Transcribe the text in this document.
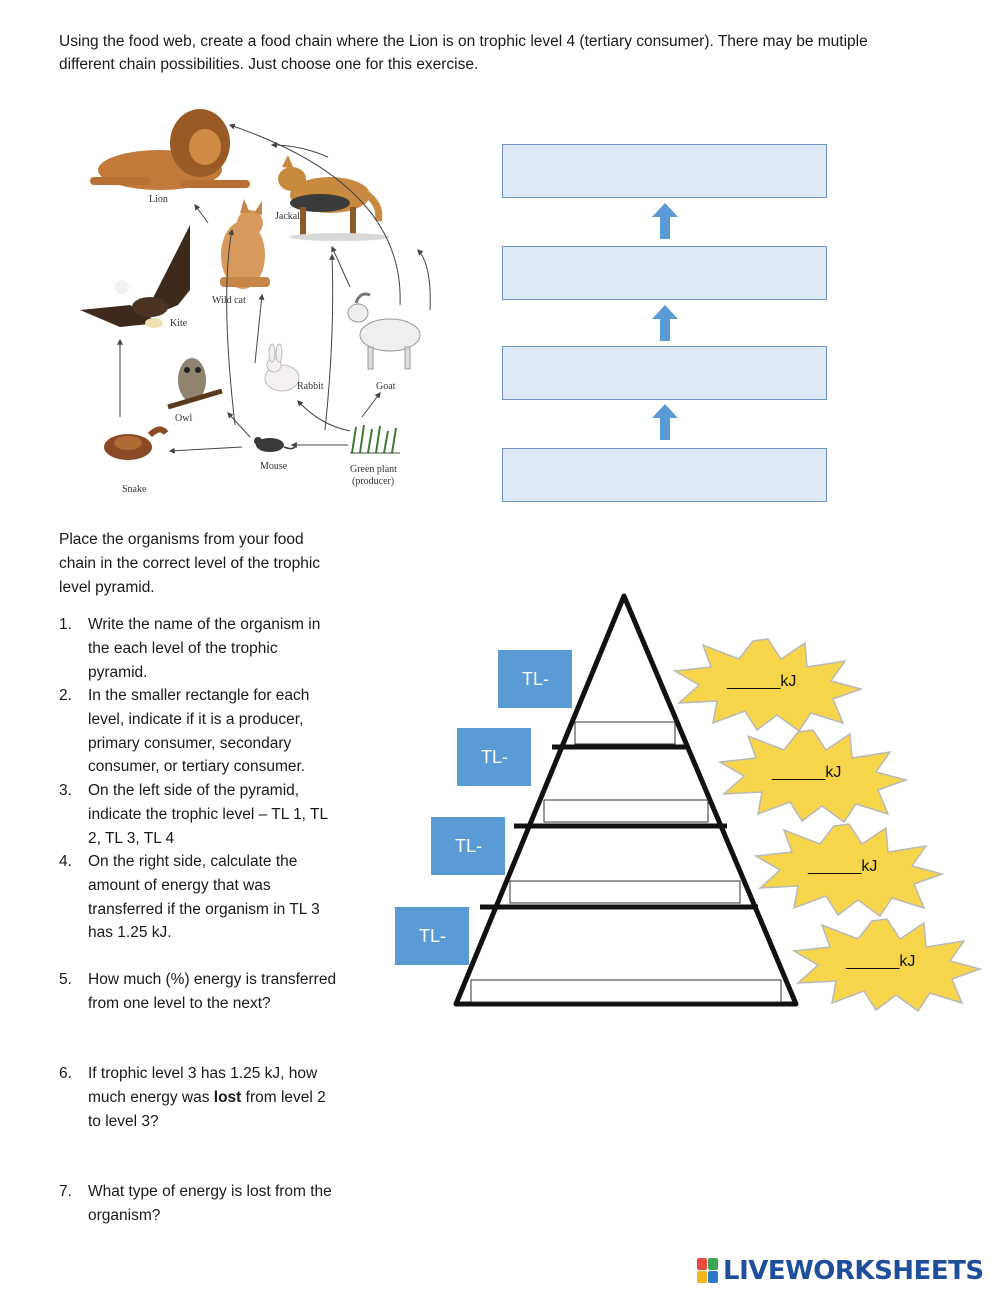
Using the food web, create a food chain where the Lion is on trophic level 4 (tertiary consumer). There may be mutiple

different chain possibilities. Just choose one for this exercise.

Lion
Jackal
Wild cat
Kite
Goat
Rabbit
Owl
Mouse	Green plant
(producer)
Snake

Place the organisms from your food

chain in the correct level of the trophic

level pyramid.

1. Write the name of the organism in
the each level of the trophic
pyramid.
2. In the smaller rectangle for each
level, indicate if it is a producer,
primary consumer, secondary
consumer, or tertiary consumer.
3. On the left side of the pyramid,
indicate the trophic level – TL 1, TL
2, TL 3, TL 4
4. On the right side, calculate the
amount of energy that was
transferred if the organism in TL 3
has 1.25 kJ.
5. How much (%) energy is transferred
from one level to the next?
6. If trophic level 3 has 1.25 kJ, how
much energy was lost from level 2
to level 3?
7. What type of energy is lost from the
organism?
TL-
TL-
TL-
TL-
______kJ
______kJ
______kJ
______kJ
LIVEWORKSHEETS
